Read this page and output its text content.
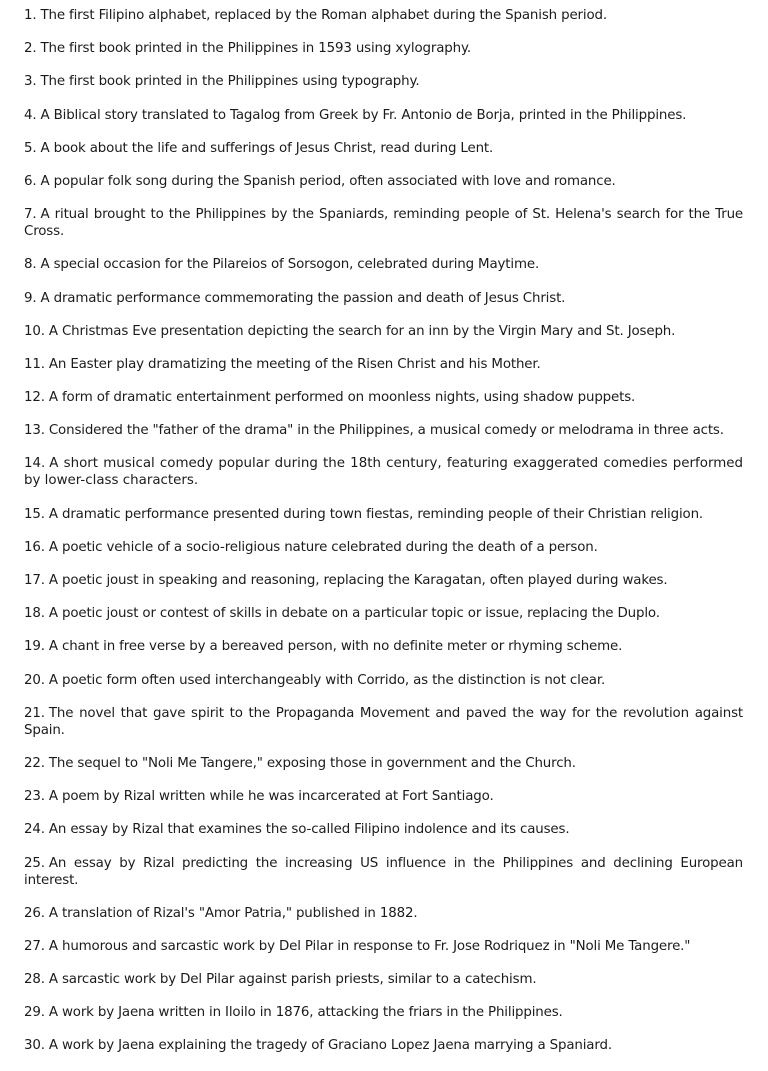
1. The first Filipino alphabet, replaced by the Roman alphabet during the Spanish period.
2. The first book printed in the Philippines in 1593 using xylography.
3. The first book printed in the Philippines using typography.
4. A Biblical story translated to Tagalog from Greek by Fr. Antonio de Borja, printed in the Philippines.
5. A book about the life and sufferings of Jesus Christ, read during Lent.
6. A popular folk song during the Spanish period, often associated with love and romance.
7. A ritual brought to the Philippines by the Spaniards, reminding people of St. Helena's search for the True Cross.
8. A special occasion for the Pilareios of Sorsogon, celebrated during Maytime.
9. A dramatic performance commemorating the passion and death of Jesus Christ.
10. A Christmas Eve presentation depicting the search for an inn by the Virgin Mary and St. Joseph.
11. An Easter play dramatizing the meeting of the Risen Christ and his Mother.
12. A form of dramatic entertainment performed on moonless nights, using shadow puppets.
13. Considered the "father of the drama" in the Philippines, a musical comedy or melodrama in three acts.
14. A short musical comedy popular during the 18th century, featuring exaggerated comedies performed by lower-class characters.
15. A dramatic performance presented during town fiestas, reminding people of their Christian religion.
16. A poetic vehicle of a socio-religious nature celebrated during the death of a person.
17. A poetic joust in speaking and reasoning, replacing the Karagatan, often played during wakes.
18. A poetic joust or contest of skills in debate on a particular topic or issue, replacing the Duplo.
19. A chant in free verse by a bereaved person, with no definite meter or rhyming scheme.
20. A poetic form often used interchangeably with Corrido, as the distinction is not clear.
21. The novel that gave spirit to the Propaganda Movement and paved the way for the revolution against Spain.
22. The sequel to "Noli Me Tangere," exposing those in government and the Church.
23. A poem by Rizal written while he was incarcerated at Fort Santiago.
24. An essay by Rizal that examines the so-called Filipino indolence and its causes.
25. An essay by Rizal predicting the increasing US influence in the Philippines and declining European interest.
26. A translation of Rizal's "Amor Patria," published in 1882.
27. A humorous and sarcastic work by Del Pilar in response to Fr. Jose Rodriquez in "Noli Me Tangere."
28. A sarcastic work by Del Pilar against parish priests, similar to a catechism.
29. A work by Jaena written in Iloilo in 1876, attacking the friars in the Philippines.
30. A work by Jaena explaining the tragedy of Graciano Lopez Jaena marrying a Spaniard.
